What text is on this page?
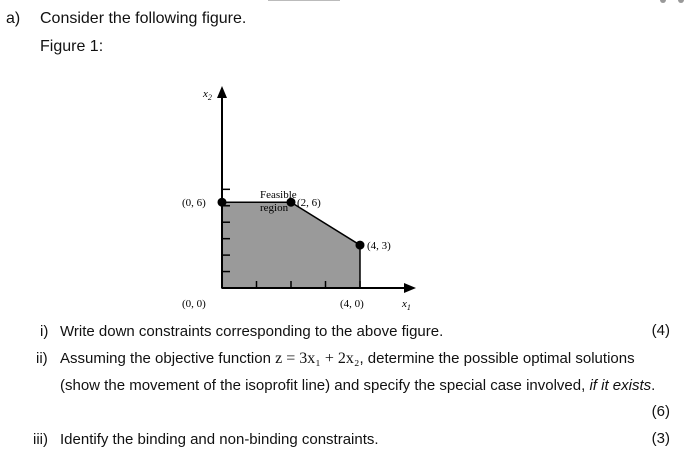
a) Consider the following figure.
Figure 1:
(0, 6)	(2, 6)
(4, 3)
(4, 0)
(0, 0)
$x_2$
$x_1$
Feasible
region
i) Write down constraints corresponding to the above figure.	(4)
ii) Assuming the objective function z = 3x₁ + 2x₂, determine the possible optimal solutions
(show the movement of the isoprofit line) and specify the special case involved, if it exists.
(6)
iii) Identify the binding and non-binding constraints.	(3)
